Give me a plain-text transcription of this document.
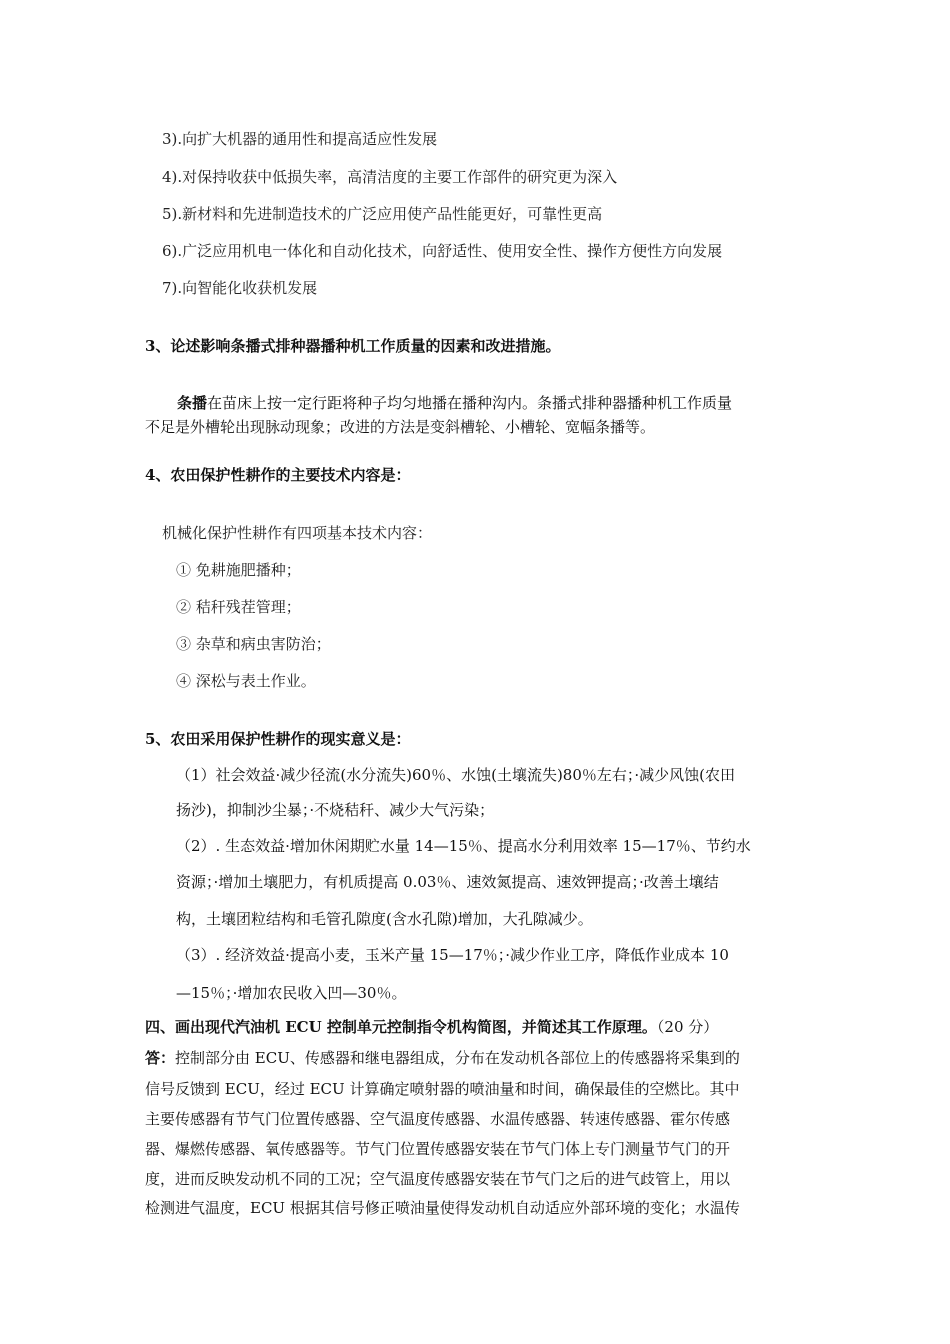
3).向扩大机器的通用性和提高适应性发展
4).对保持收获中低损失率，高清洁度的主要工作部件的研究更为深入
5).新材料和先进制造技术的广泛应用使产品性能更好，可靠性更高
6).广泛应用机电一体化和自动化技术，向舒适性、使用安全性、操作方便性方向发展
7).向智能化收获机发展
3、论述影响条播式排种器播种机工作质量的因素和改进措施。
条播在苗床上按一定行距将种子均匀地播在播种沟内。条播式排种器播种机工作质量
不足是外槽轮出现脉动现象；改进的方法是变斜槽轮、小槽轮、宽幅条播等。
4、农田保护性耕作的主要技术内容是：
机械化保护性耕作有四项基本技术内容：
① 免耕施肥播种；
② 秸秆残茬管理；
③ 杂草和病虫害防治；
④ 深松与表土作业。
5、农田采用保护性耕作的现实意义是：
（1）社会效益·减少径流(水分流失)60％、水蚀(土壤流失)80％左右；·减少风蚀(农田
扬沙)，抑制沙尘暴；·不烧秸秆、减少大气污染；
（2）. 生态效益·增加休闲期贮水量 14—15％、提高水分利用效率 15—17％、节约水
资源；·增加土壤肥力，有机质提高 0.03％、速效氮提高、速效钾提高；·改善土壤结
构，土壤团粒结构和毛管孔隙度(含水孔隙)增加，大孔隙减少。
（3）. 经济效益·提高小麦，玉米产量 15—17％；·减少作业工序，降低作业成本 10
—15％；·增加农民收入凹—30％。
四、画出现代汽油机 ECU 控制单元控制指令机构简图，并简述其工作原理。（20 分）
答：控制部分由 ECU、传感器和继电器组成，分布在发动机各部位上的传感器将采集到的
信号反馈到 ECU，经过 ECU 计算确定喷射器的喷油量和时间，确保最佳的空燃比。其中
主要传感器有节气门位置传感器、空气温度传感器、水温传感器、转速传感器、霍尔传感
器、爆燃传感器、氧传感器等。节气门位置传感器安装在节气门体上专门测量节气门的开
度，进而反映发动机不同的工况；空气温度传感器安装在节气门之后的进气歧管上，用以
检测进气温度，ECU 根据其信号修正喷油量使得发动机自动适应外部环境的变化；水温传
